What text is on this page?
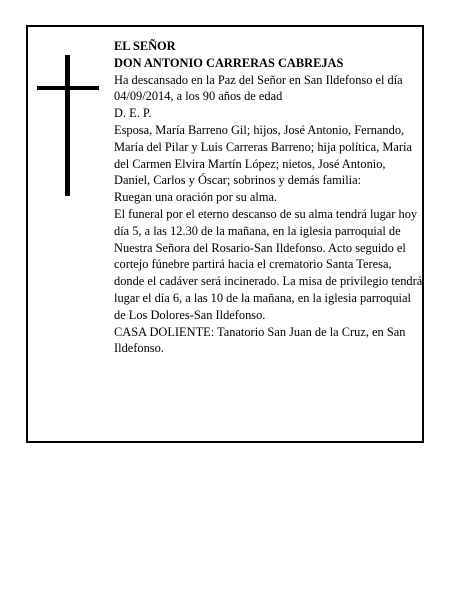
EL SEÑOR

DON ANTONIO CARRERAS CABREJAS

Ha descansado en la Paz del Señor en San Ildefonso el día 04/09/2014, a los 90 años de edad

D. E. P.

Esposa, María Barreno Gil; hijos, José Antonio, Fernando, María del Pilar y Luis Carreras Barreno; hija política, María del Carmen Elvira Martín López; nietos, José Antonio, Daniel, Carlos y Óscar; sobrinos y demás familia:

Ruegan una oración por su alma.

El funeral por el eterno descanso de su alma tendrá lugar hoy día 5, a las 12.30 de la mañana, en la iglesia parroquial de Nuestra Señora del Rosario-San Ildefonso. Acto seguido el cortejo fúnebre partirá hacia el crematorio Santa Teresa, donde el cadáver será incinerado. La misa de privilegio tendrá lugar el día 6, a las 10 de la mañana, en la iglesia parroquial de Los Dolores-San Ildefonso.

CASA DOLIENTE: Tanatorio San Juan de la Cruz, en San Ildefonso.
